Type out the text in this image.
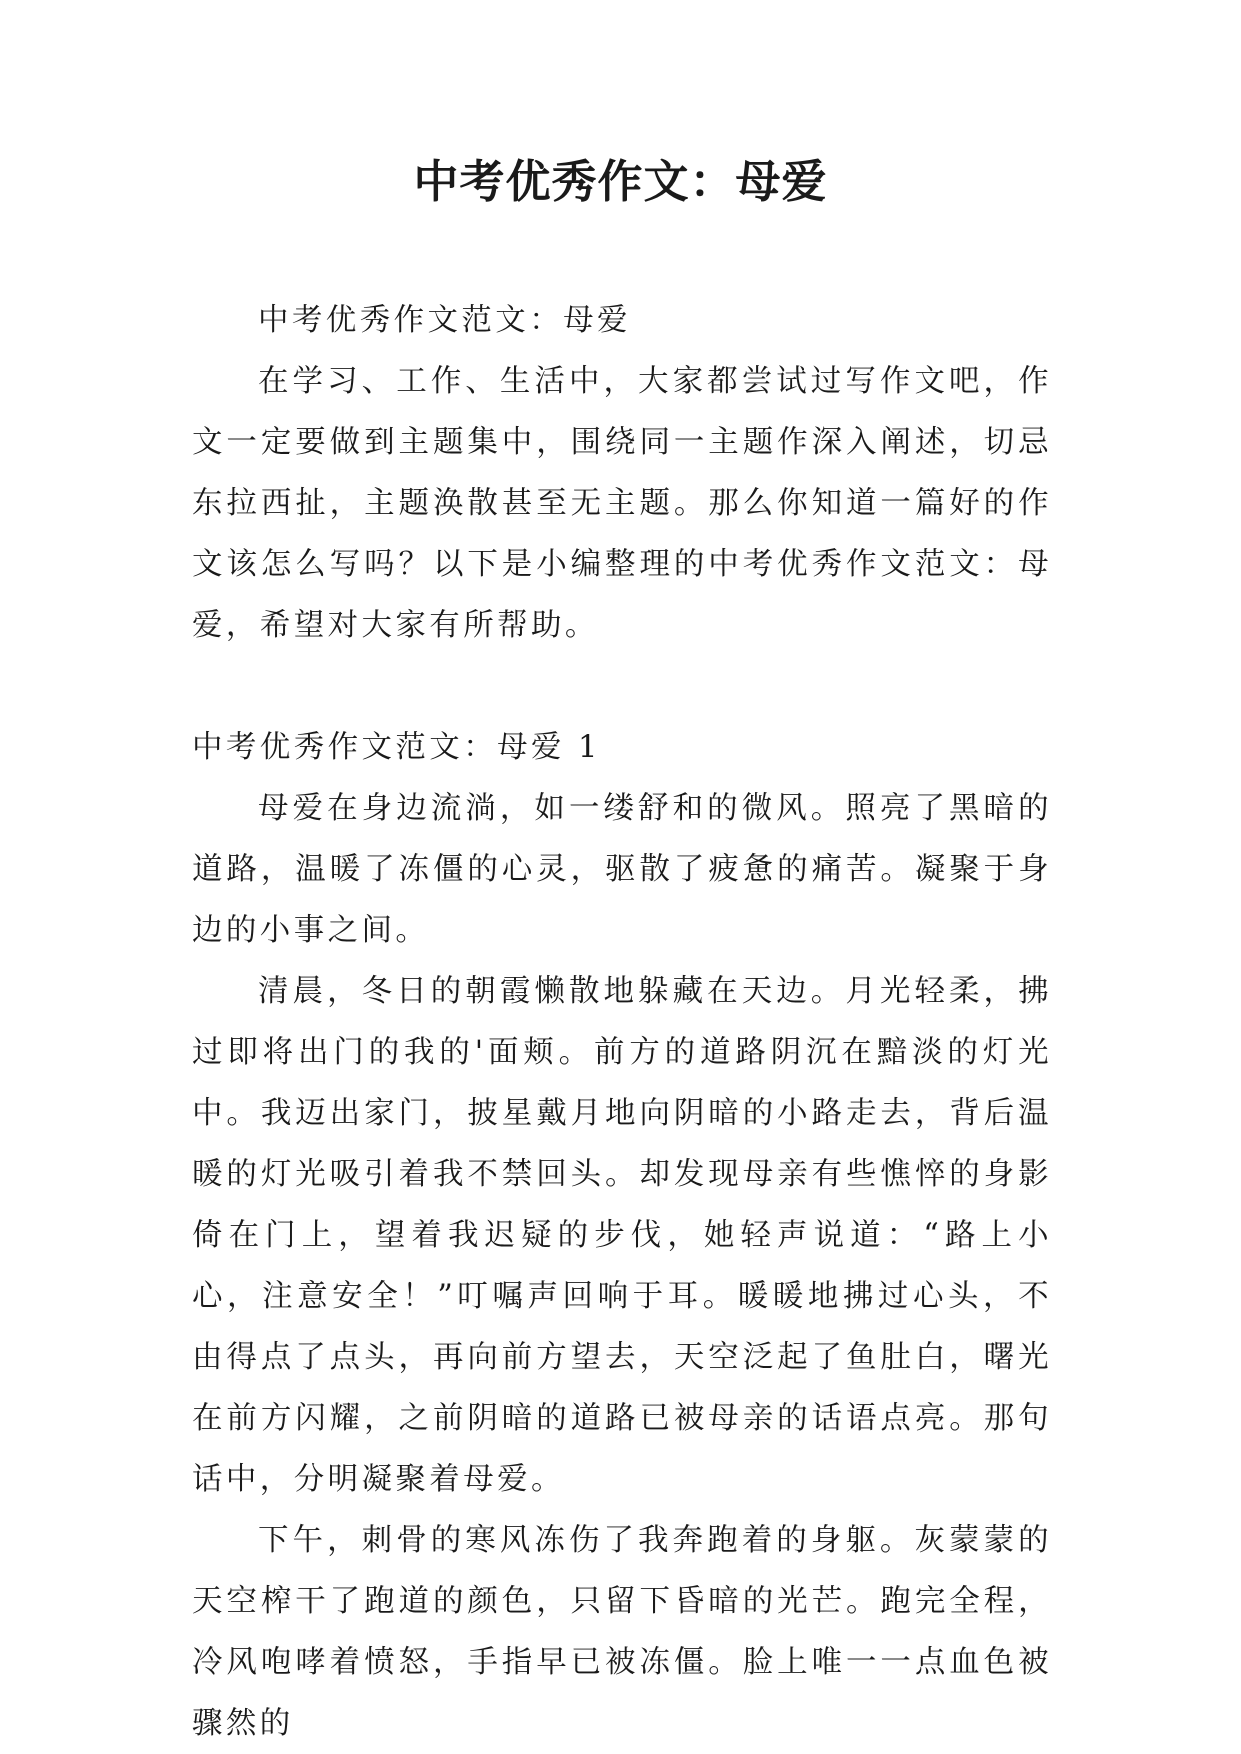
中考优秀作文：母爱

中考优秀作文范文：母爱

在学习、工作、生活中，大家都尝试过写作文吧，作文一定要做到主题集中，围绕同一主题作深入阐述，切忌东拉西扯，主题涣散甚至无主题。那么你知道一篇好的作文该怎么写吗？以下是小编整理的中考优秀作文范文：母爱，希望对大家有所帮助。

中考优秀作文范文：母爱 1

母爱在身边流淌，如一缕舒和的微风。照亮了黑暗的道路，温暖了冻僵的心灵，驱散了疲惫的痛苦。凝聚于身边的小事之间。

清晨，冬日的朝霞懒散地躲藏在天边。月光轻柔，拂过即将出门的我的'面颊。前方的道路阴沉在黯淡的灯光中。我迈出家门，披星戴月地向阴暗的小路走去，背后温暖的灯光吸引着我不禁回头。却发现母亲有些憔悴的身影倚在门上，望着我迟疑的步伐，她轻声说道：“路上小心，注意安全！”叮嘱声回响于耳。暖暖地拂过心头，不由得点了点头，再向前方望去，天空泛起了鱼肚白，曙光在前方闪耀，之前阴暗的道路已被母亲的话语点亮。那句话中，分明凝聚着母爱。

下午，刺骨的寒风冻伤了我奔跑着的身躯。灰蒙蒙的天空榨干了跑道的颜色，只留下昏暗的光芒。跑完全程，冷风咆哮着愤怒，手指早已被冻僵。脸上唯一一点血色被骤然的
